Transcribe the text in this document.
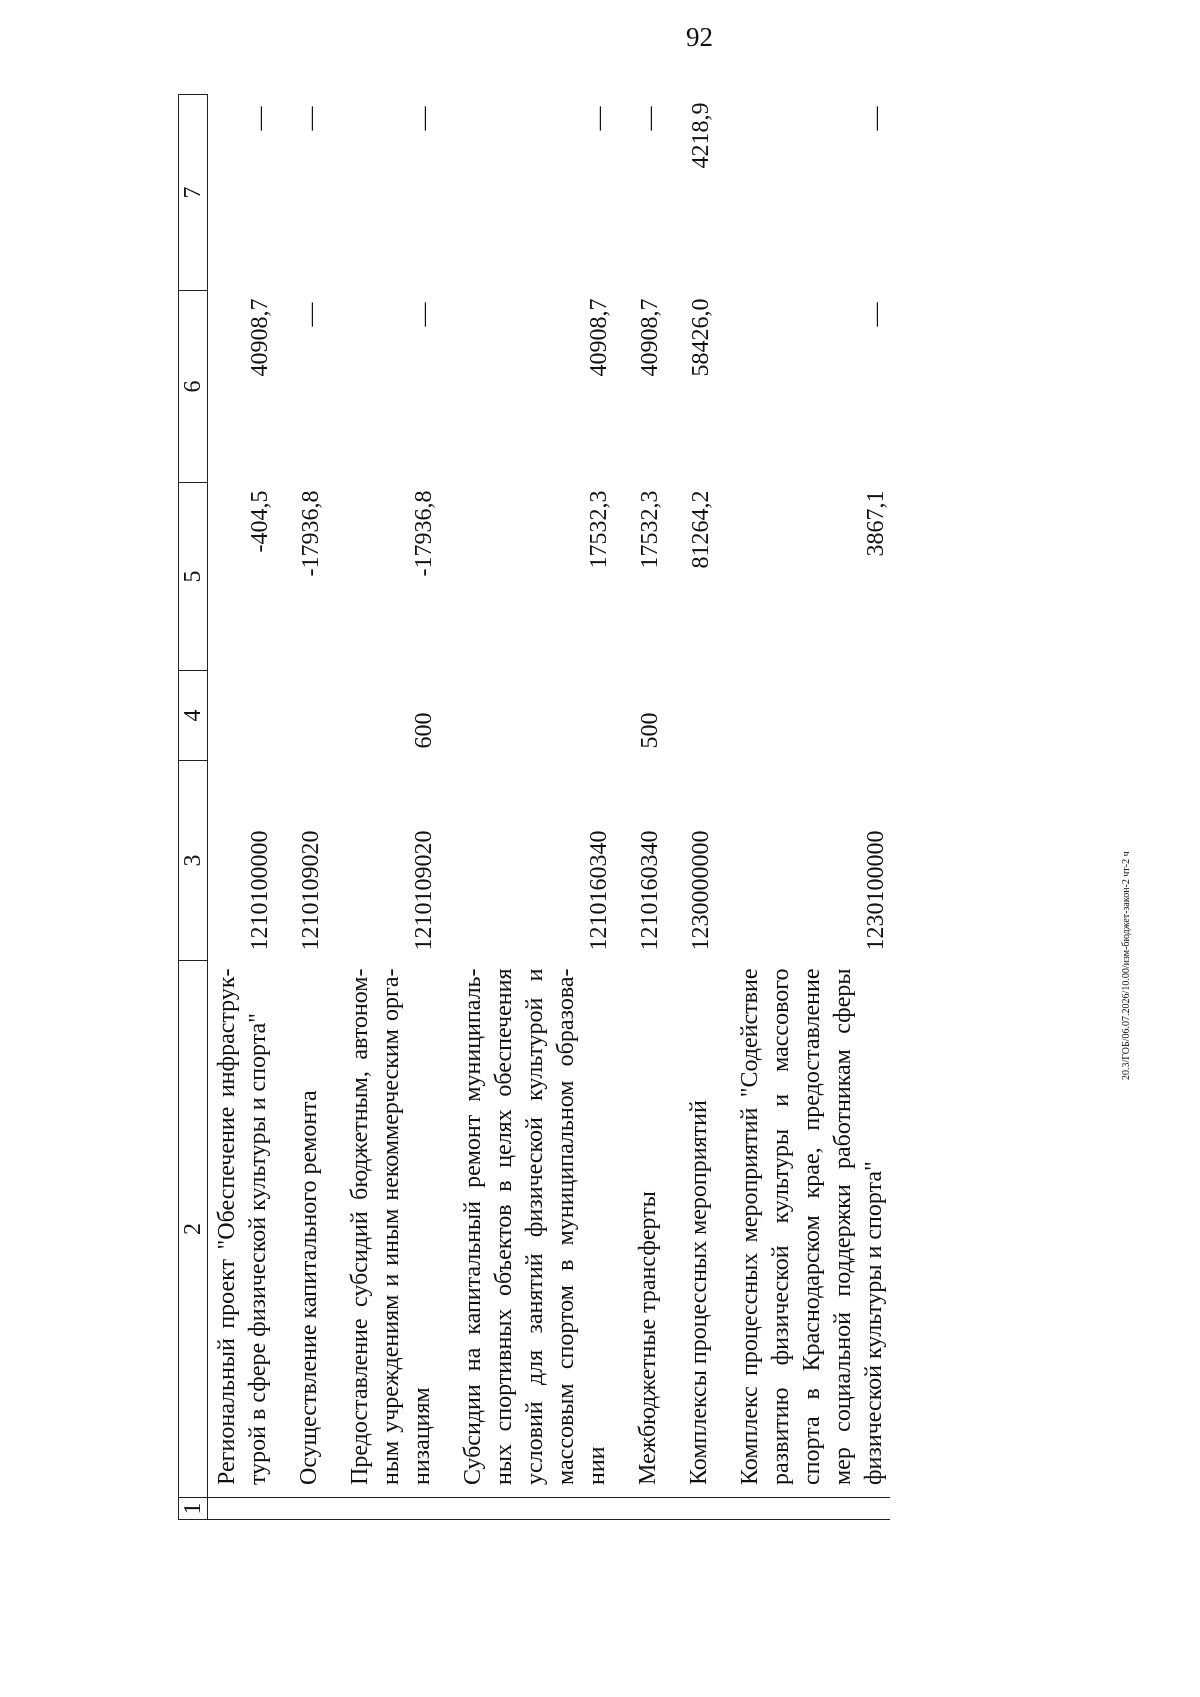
92
1	2	3	4	5	6	7
	Региональный проект "Обеспечение инфраструк-турой в сфере физической культуры и спорта"	1210100000		-404,5	40908,7	—
	Осуществление капитального ремонта	1210109020		-17936,8	—	—
	Предоставление субсидий бюджетным, автоном-ным учреждениям и иным некоммерческим орга-низациям	1210109020	600	-17936,8	—	—
	Субсидии на капитальный ремонт муниципаль-ных спортивных объектов в целях обеспечения условий для занятий физической культурой и массовым спортом в муниципальном образова-нии	1210160340		17532,3	40908,7	—
	Межбюджетные трансферты	1210160340	500	17532,3	40908,7	—
	Комплексы процессных мероприятий	1230000000		81264,2	58426,0	4218,9
	Комплекс процессных мероприятий "Содействие развитию физической культуры и массового спорта в Краснодарском крае, предоставление мер социальной поддержки работникам сферы физической культуры и спорта"	1230100000		3867,1	—	—
20.3/ГОБ/06.07.2026/10.00/изм-бюджет-закон-2 чт-2 ч
